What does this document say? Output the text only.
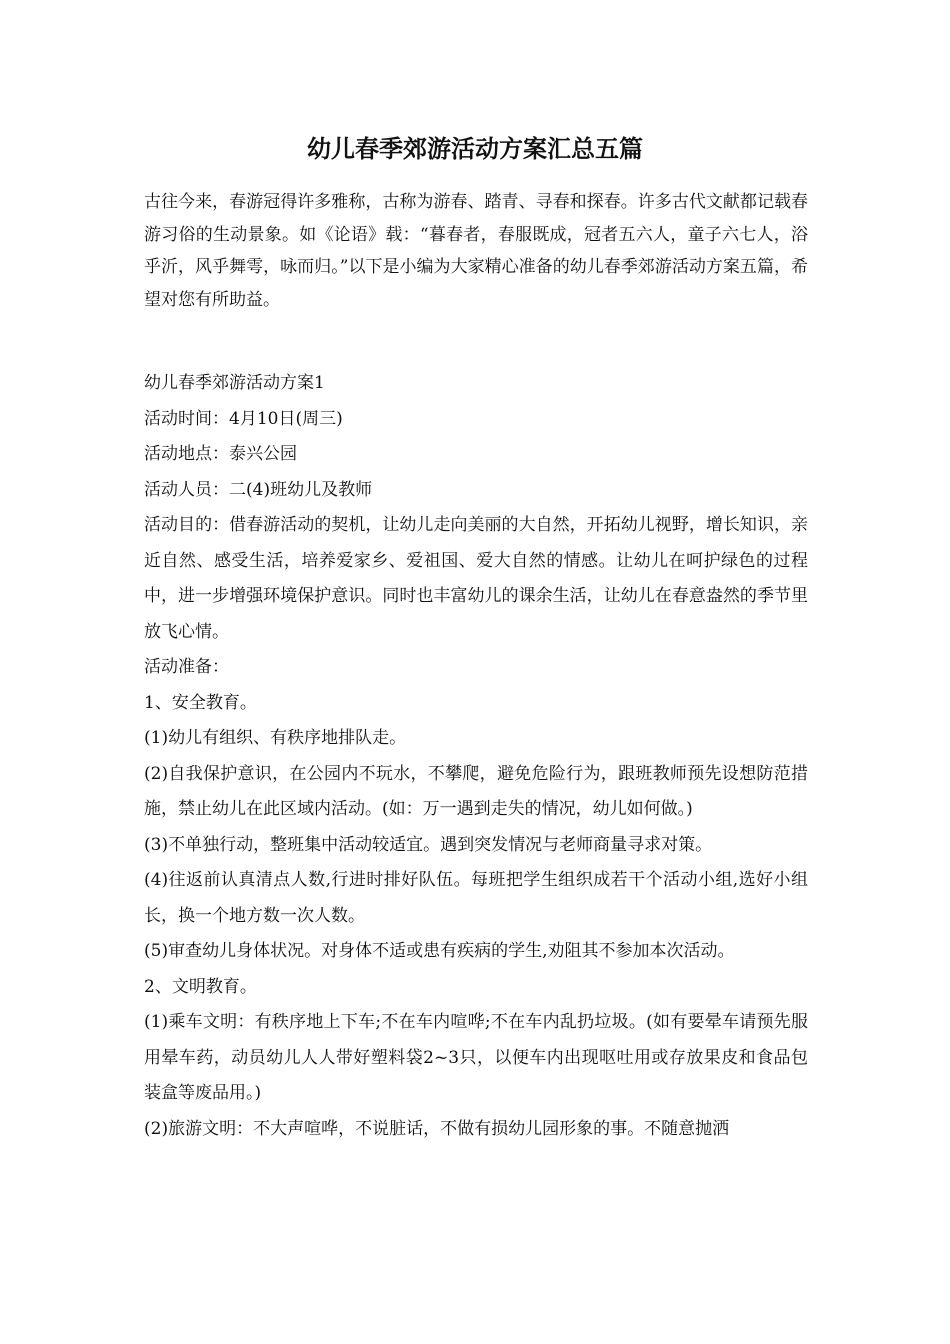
幼儿春季郊游活动方案汇总五篇

古往今来，春游冠得许多雅称，古称为游春、踏青、寻春和探春。许多古代文献都记载春游习俗的生动景象。如《论语》载：“暮春者，春服既成，冠者五六人，童子六七人，浴乎沂，风乎舞雩，咏而归。”以下是小编为大家精心准备的幼儿春季郊游活动方案五篇，希望对您有所助益。

幼儿春季郊游活动方案1

活动时间：4月10日(周三)

活动地点：泰兴公园

活动人员：二(4)班幼儿及教师

活动目的：借春游活动的契机，让幼儿走向美丽的大自然，开拓幼儿视野，增长知识，亲近自然、感受生活，培养爱家乡、爱祖国、爱大自然的情感。让幼儿在呵护绿色的过程中，进一步增强环境保护意识。同时也丰富幼儿的课余生活，让幼儿在春意盎然的季节里放飞心情。

活动准备：

1、安全教育。

(1)幼儿有组织、有秩序地排队走。

(2)自我保护意识，在公园内不玩水，不攀爬，避免危险行为，跟班教师预先设想防范措施，禁止幼儿在此区域内活动。(如：万一遇到走失的情况，幼儿如何做。)

(3)不单独行动，整班集中活动较适宜。遇到突发情况与老师商量寻求对策。

(4)往返前认真清点人数,行进时排好队伍。每班把学生组织成若干个活动小组,选好小组长，换一个地方数一次人数。

(5)审查幼儿身体状况。对身体不适或患有疾病的学生,劝阻其不参加本次活动。

2、文明教育。

(1)乘车文明：有秩序地上下车;不在车内喧哗;不在车内乱扔垃圾。(如有要晕车请预先服用晕车药，动员幼儿人人带好塑料袋2~3只，以便车内出现呕吐用或存放果皮和食品包装盒等废品用。)

(2)旅游文明：不大声喧哗，不说脏话，不做有损幼儿园形象的事。不随意抛洒
